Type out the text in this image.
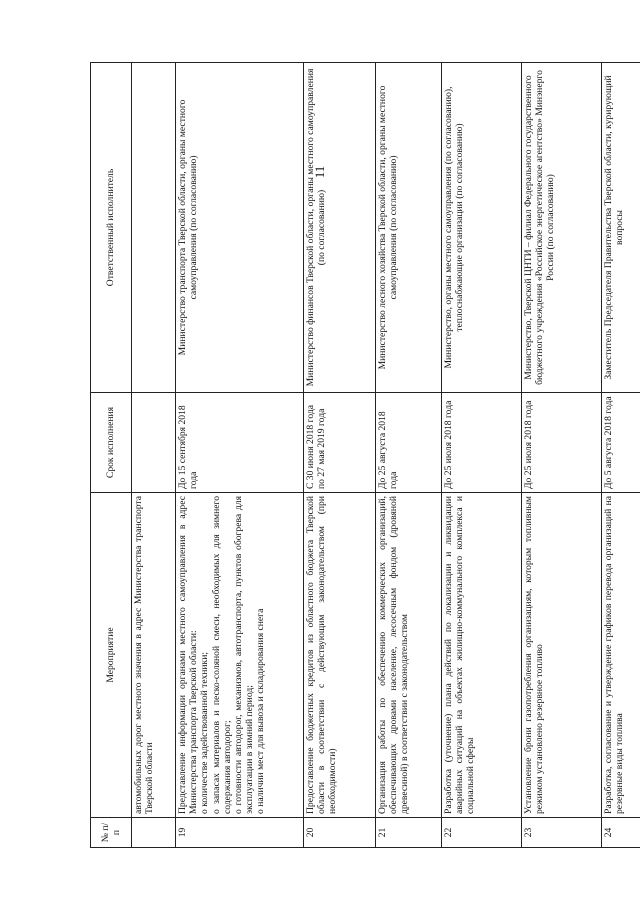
11
№ п/п	Мероприятие	Срок исполнения	Ответственный исполнитель
	автомобильных дорог местного значения в адрес Министерства транспорта Тверской области		
19	Представление информации органами местного самоуправления в адрес Министерства транспорта Тверской области: о количестве задействованной техники; о запасах материалов и песко-соляной смеси, необходимых для зимнего содержания автодорог; о готовности автодорог, механизмов, автотранспорта, пунктов обогрева для эксплуатации в зимний период; о наличии мест для вывоза и складирования снега	До 15 сентября 2018 года	Министерство транспорта Тверской области, органы местного самоуправления (по согласованию)
20	Предоставление бюджетных кредитов из областного бюджета Тверской области в соответствии с действующим законодательством (при необходимости)	С 30 июня 2018 года по 27 мая 2019 года	Министерство финансов Тверской области, органы местного самоуправления (по согласованию)
21	Организация работы по обеспечению коммерческих организаций, обеспечивающих дровами население, лесосечным фондом (дровяной древесиной) в соответствии с законодательством	До 25 августа 2018 года	Министерство лесного хозяйства Тверской области, органы местного самоуправления (по согласованию)
22	Разработка (уточнение) плана действий по локализации и ликвидации аварийных ситуаций на объектах жилищно-коммунального комплекса и социальной сферы	До 25 июля 2018 года	Министерство, органы местного самоуправления (по согласованию), теплоснабжающие организации (по согласованию)
23	Установление брони газопотребления организациям, которым топливным режимом установлено резервное топливо	До 25 июля 2018 года	Министерство, Тверской ЦНТИ – филиал Федерального государственного бюджетного учреждения «Российское энергетическое агентство» Минэнерго России (по согласованию)
24	Разработка, согласование и утверждение графиков перевода организаций на резервные виды топлива	До 5 августа 2018 года	Заместитель Председателя Правительства Тверской области, курирующий вопросы
